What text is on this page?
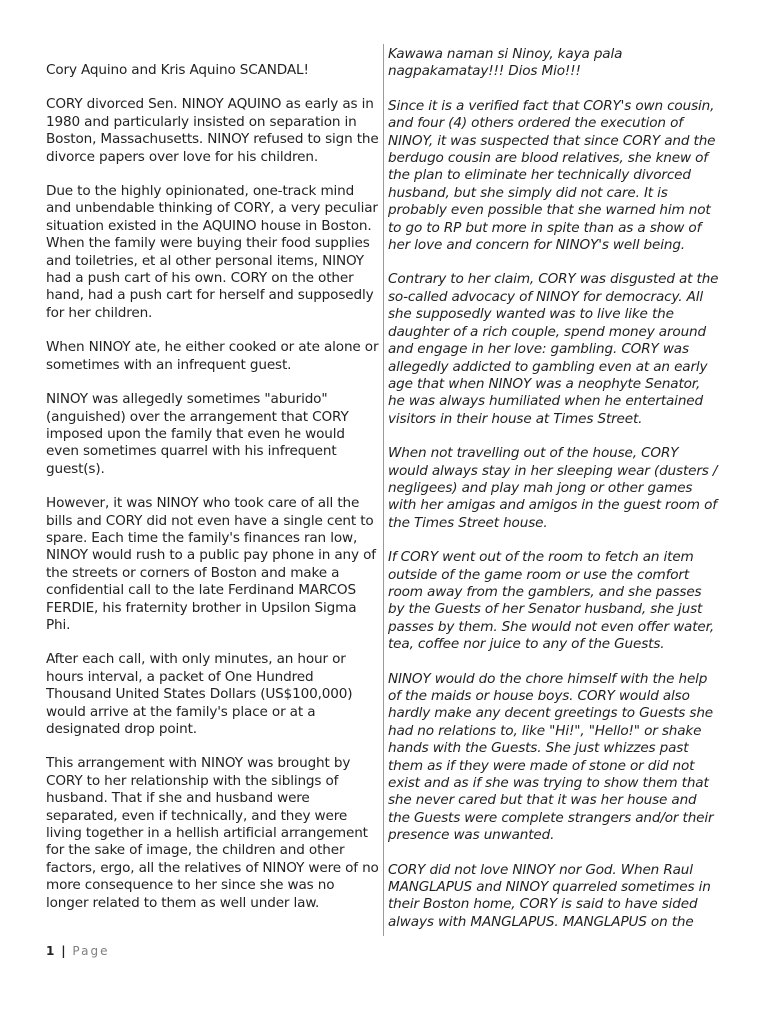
Cory Aquino and Kris Aquino SCANDAL!

CORY divorced Sen. NINOY AQUINO as early as in 1980 and particularly insisted on separation in Boston, Massachusetts. NINOY refused to sign the divorce papers over love for his children.

Due to the highly opinionated, one-track mind and unbendable thinking of CORY, a very peculiar situation existed in the AQUINO house in Boston. When the family were buying their food supplies and toiletries, et al other personal items, NINOY had a push cart of his own. CORY on the other hand, had a push cart for herself and supposedly for her children.

When NINOY ate, he either cooked or ate alone or sometimes with an infrequent guest.

NINOY was allegedly sometimes "aburido" (anguished) over the arrangement that CORY imposed upon the family that even he would even sometimes quarrel with his infrequent guest(s).

However, it was NINOY who took care of all the bills and CORY did not even have a single cent to spare. Each time the family's finances ran low, NINOY would rush to a public pay phone in any of the streets or corners of Boston and make a confidential call to the late Ferdinand MARCOS FERDIE, his fraternity brother in Upsilon Sigma Phi.

After each call, with only minutes, an hour or hours interval, a packet of One Hundred Thousand United States Dollars (US$100,000) would arrive at the family's place or at a designated drop point.

This arrangement with NINOY was brought by CORY to her relationship with the siblings of husband. That if she and husband were separated, even if technically, and they were living together in a hellish artificial arrangement for the sake of image, the children and other factors, ergo, all the relatives of NINOY were of no more consequence to her since she was no longer related to them as well under law.

Kawawa naman si Ninoy, kaya pala nagpakamatay!!! Dios Mio!!!

Since it is a verified fact that CORY's own cousin, and four (4) others ordered the execution of NINOY, it was suspected that since CORY and the berdugo cousin are blood relatives, she knew of the plan to eliminate her technically divorced husband, but she simply did not care. It is probably even possible that she warned him not to go to RP but more in spite than as a show of her love and concern for NINOY's well being.

Contrary to her claim, CORY was disgusted at the so-called advocacy of NINOY for democracy. All she supposedly wanted was to live like the daughter of a rich couple, spend money around and engage in her love: gambling. CORY was allegedly addicted to gambling even at an early age that when NINOY was a neophyte Senator, he was always humiliated when he entertained visitors in their house at Times Street.

When not travelling out of the house, CORY would always stay in her sleeping wear (dusters / negligees) and play mah jong or other games with her amigas and amigos in the guest room of the Times Street house.

If CORY went out of the room to fetch an item outside of the game room or use the comfort room away from the gamblers, and she passes by the Guests of her Senator husband, she just passes by them. She would not even offer water, tea, coffee nor juice to any of the Guests.

NINOY would do the chore himself with the help of the maids or house boys. CORY would also hardly make any decent greetings to Guests she had no relations to, like "Hi!", "Hello!" or shake hands with the Guests. She just whizzes past them as if they were made of stone or did not exist and as if she was trying to show them that she never cared but that it was her house and the Guests were complete strangers and/or their presence was unwanted.

CORY did not love NINOY nor God. When Raul MANGLAPUS and NINOY quarreled sometimes in their Boston home, CORY is said to have sided always with MANGLAPUS. MANGLAPUS on the

1 | Page
